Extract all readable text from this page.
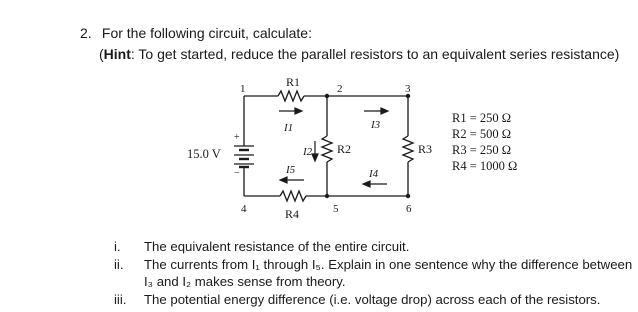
2. For the following circuit, calculate:
(Hint: To get started, reduce the parallel resistors to an equivalent series resistance)
+
−
15.0 V
1	2	3
4	5	6
R1
R2	R3
R4
I1	I3
I2
I5	I4
R1 = 250 Ω
R2 = 500 Ω
R3 = 250 Ω
R4 = 1000 Ω
i. The equivalent resistance of the entire circuit.
ii. The currents from I₁ through I₅. Explain in one sentence why the difference between I₃ and I₂ makes sense from theory.
iii. The potential energy difference (i.e. voltage drop) across each of the resistors.
